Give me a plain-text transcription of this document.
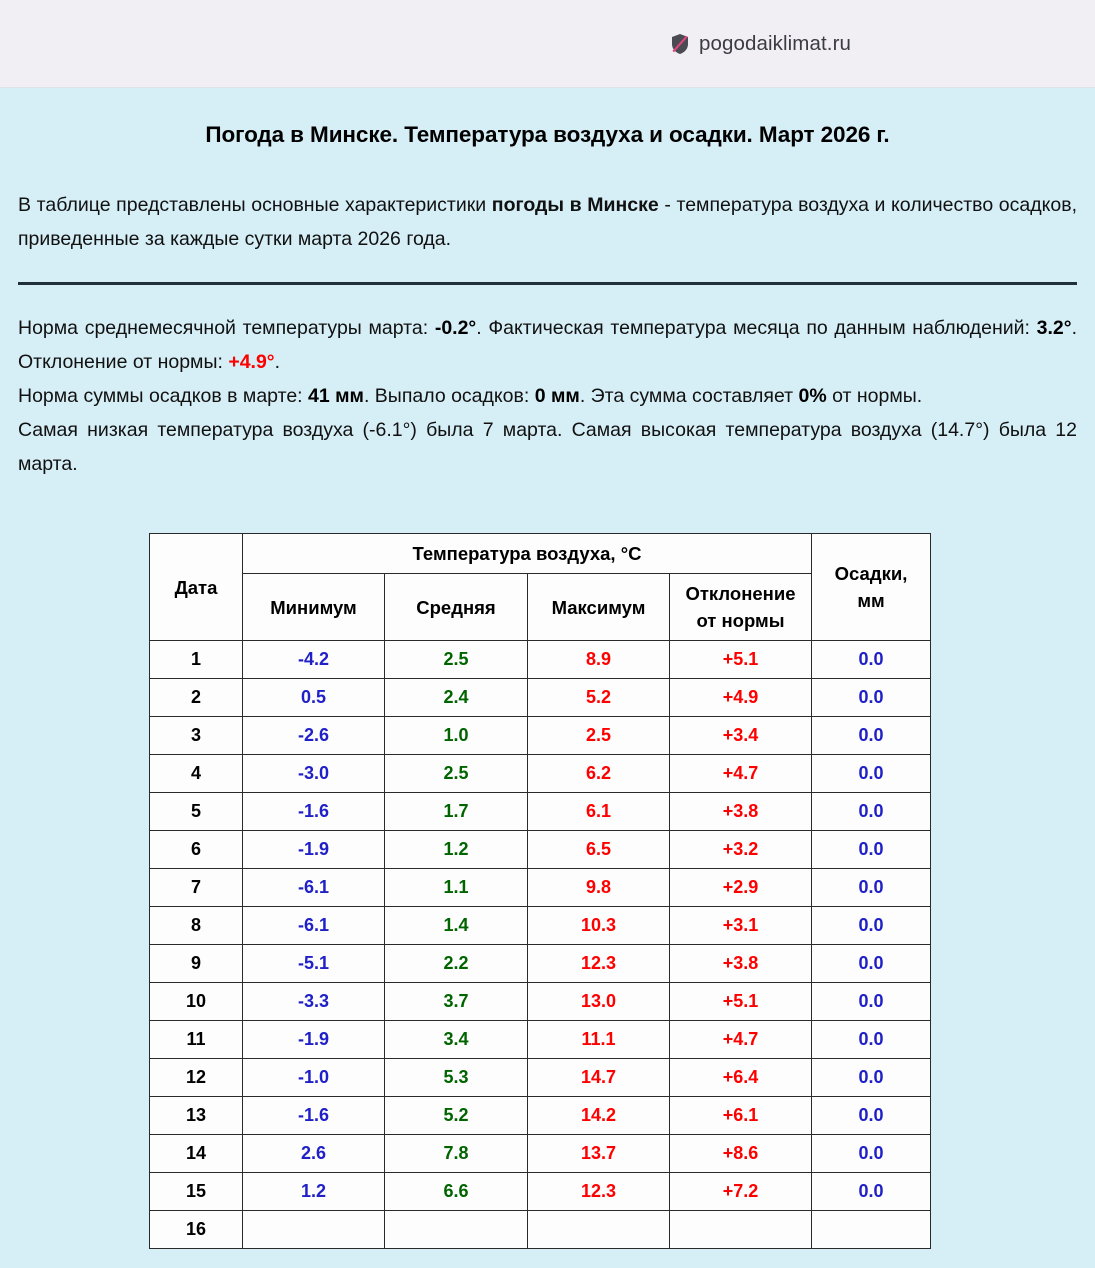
pogodaiklimat.ru
Погода в Минске. Температура воздуха и осадки. Март 2026 г.

В таблице представлены основные характеристики погоды в Минске - температура воздуха и количество осадков, приведенные за каждые сутки марта 2026 года.

Норма среднемесячной температуры марта: -0.2°. Фактическая температура месяца по данным наблюдений: 3.2°. Отклонение от нормы: +4.9°.

Норма суммы осадков в марте: 41 мм. Выпало осадков: 0 мм. Эта сумма составляет 0% от нормы.

Самая низкая температура воздуха (-6.1°) была 7 марта. Самая высокая температура воздуха (14.7°) была 12 марта.

Дата	Температура воздуха, °C				Осадки,
мм
	Минимум	Средняя	Максимум	Отклонение
от нормы	
1	-4.2	2.5	8.9	+5.1	0.0
2	0.5	2.4	5.2	+4.9	0.0
3	-2.6	1.0	2.5	+3.4	0.0
4	-3.0	2.5	6.2	+4.7	0.0
5	-1.6	1.7	6.1	+3.8	0.0
6	-1.9	1.2	6.5	+3.2	0.0
7	-6.1	1.1	9.8	+2.9	0.0
8	-6.1	1.4	10.3	+3.1	0.0
9	-5.1	2.2	12.3	+3.8	0.0
10	-3.3	3.7	13.0	+5.1	0.0
11	-1.9	3.4	11.1	+4.7	0.0
12	-1.0	5.3	14.7	+6.4	0.0
13	-1.6	5.2	14.2	+6.1	0.0
14	2.6	7.8	13.7	+8.6	0.0
15	1.2	6.6	12.3	+7.2	0.0
16					
